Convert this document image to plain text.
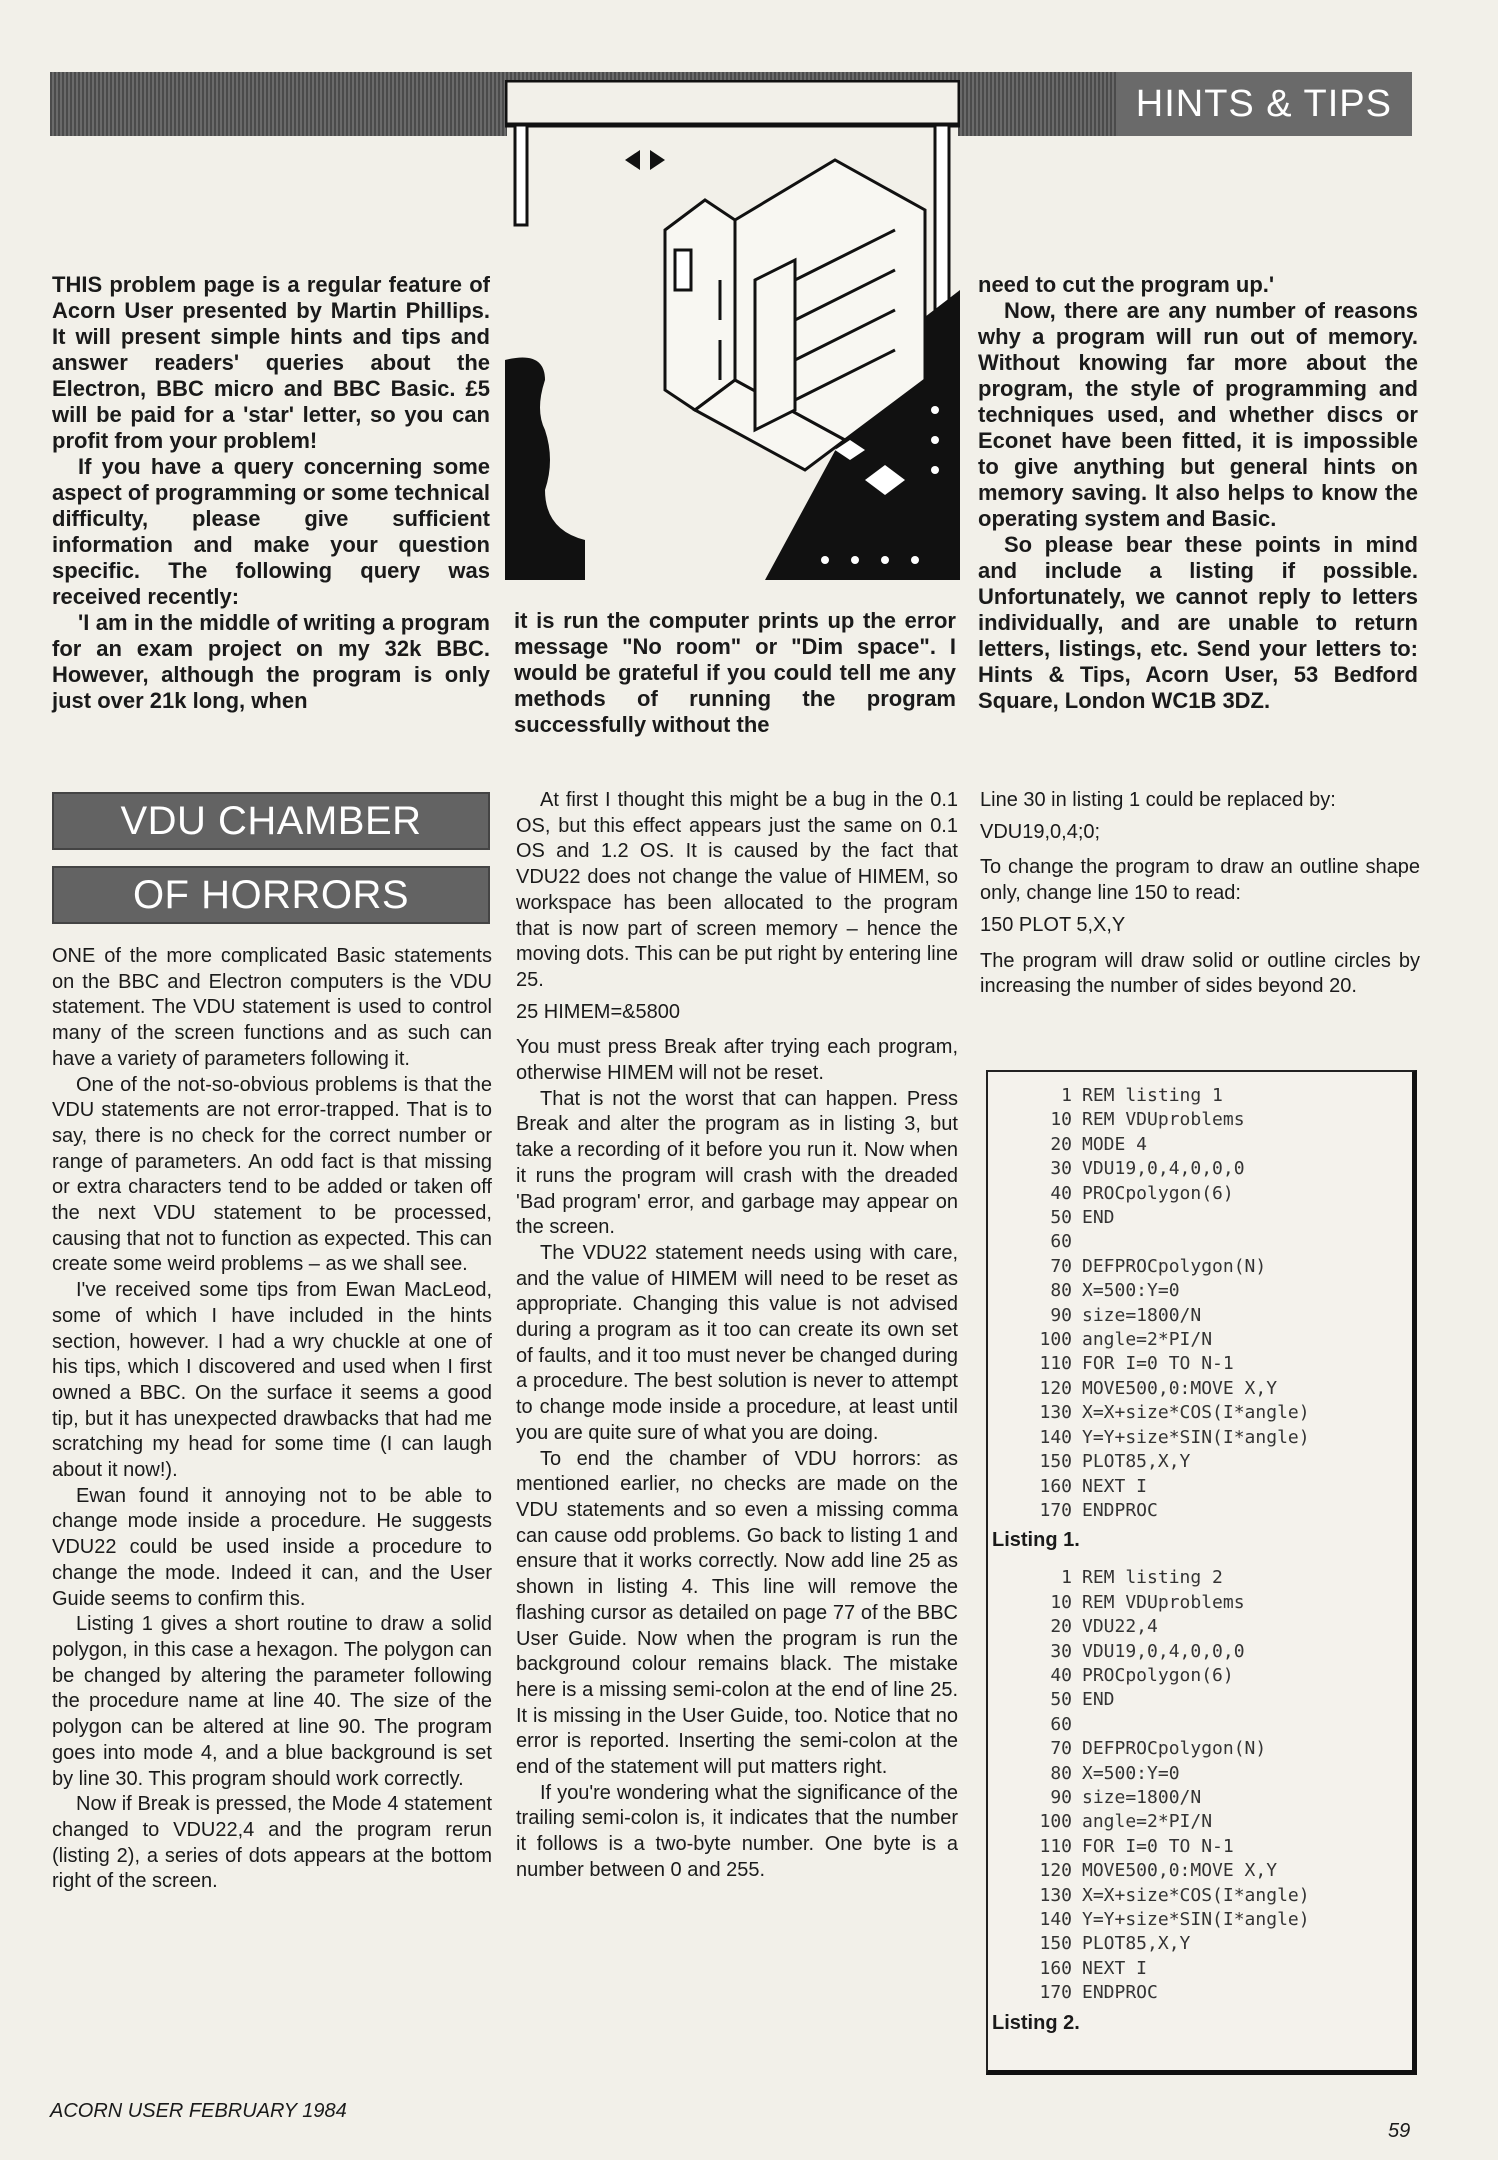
HINTS & TIPS

THIS problem page is a regular feature of Acorn User presented by Martin Phillips. It will present simple hints and tips and answer readers' queries about the Electron, BBC micro and BBC Basic. £5 will be paid for a 'star' letter, so you can profit from your problem!

If you have a query concerning some aspect of programming or some technical difficulty, please give sufficient information and make your question specific. The following query was received recently:

'I am in the middle of writing a program for an exam project on my 32k BBC. However, although the program is only just over 21k long, when

it is run the computer prints up the error message "No room" or "Dim space". I would be grateful if you could tell me any methods of running the program successfully without the

need to cut the program up.'

Now, there are any number of reasons why a program will run out of memory. Without knowing far more about the program, the style of programming and techniques used, and whether discs or Econet have been fitted, it is impossible to give anything but general hints on memory saving. It also helps to know the operating system and Basic.

So please bear these points in mind and include a listing if possible. Unfortunately, we cannot reply to letters individually, and are unable to return letters, listings, etc. Send your letters to: Hints & Tips, Acorn User, 53 Bedford Square, London WC1B 3DZ.

VDU CHAMBER
OF HORRORS

ONE of the more complicated Basic statements on the BBC and Electron computers is the VDU statement. The VDU statement is used to control many of the screen functions and as such can have a variety of parameters following it.

One of the not-so-obvious problems is that the VDU statements are not error-trapped. That is to say, there is no check for the correct number or range of parameters. An odd fact is that missing or extra characters tend to be added or taken off the next VDU statement to be processed, causing that not to function as expected. This can create some weird problems – as we shall see.

I've received some tips from Ewan MacLeod, some of which I have included in the hints section, however. I had a wry chuckle at one of his tips, which I discovered and used when I first owned a BBC. On the surface it seems a good tip, but it has unexpected drawbacks that had me scratching my head for some time (I can laugh about it now!).

Ewan found it annoying not to be able to change mode inside a procedure. He suggests VDU22 could be used inside a procedure to change the mode. Indeed it can, and the User Guide seems to confirm this.

Listing 1 gives a short routine to draw a solid polygon, in this case a hexagon. The polygon can be changed by altering the parameter following the procedure name at line 40. The size of the polygon can be altered at line 90. The program goes into mode 4, and a blue background is set by line 30. This program should work correctly.

Now if Break is pressed, the Mode 4 statement changed to VDU22,4 and the program rerun (listing 2), a series of dots appears at the bottom right of the screen.

At first I thought this might be a bug in the 0.1 OS, but this effect appears just the same on 0.1 OS and 1.2 OS. It is caused by the fact that VDU22 does not change the value of HIMEM, so workspace has been allocated to the program that is now part of screen memory – hence the moving dots. This can be put right by entering line 25.

25 HIMEM=&5800

You must press Break after trying each program, otherwise HIMEM will not be reset.

That is not the worst that can happen. Press Break and alter the program as in listing 3, but take a recording of it before you run it. Now when it runs the program will crash with the dreaded 'Bad program' error, and garbage may appear on the screen.

The VDU22 statement needs using with care, and the value of HIMEM will need to be reset as appropriate. Changing this value is not advised during a program as it too can create its own set of faults, and it too must never be changed during a procedure. The best solution is never to attempt to change mode inside a procedure, at least until you are quite sure of what you are doing.

To end the chamber of VDU horrors: as mentioned earlier, no checks are made on the VDU statements and so even a missing comma can cause odd problems. Go back to listing 1 and ensure that it works correctly. Now add line 25 as shown in listing 4. This line will remove the flashing cursor as detailed on page 77 of the BBC User Guide. Now when the program is run the background colour remains black. The mistake here is a missing semi-colon at the end of line 25. It is missing in the User Guide, too. Notice that no error is reported. Inserting the semi-colon at the end of the statement will put matters right.

If you're wondering what the significance of the trailing semi-colon is, it indicates that the number it follows is a two-byte number. One byte is a number between 0 and 255.

Line 30 in listing 1 could be replaced by:

VDU19,0,4;0;

To change the program to draw an outline shape only, change line 150 to read:

150 PLOT 5,X,Y

The program will draw solid or outline circles by increasing the number of sides beyond 20.

1 REM listing 1
10 REM VDUproblems
20 MODE 4
30 VDU19,0,4,0,0,0
40 PROCpolygon(6)
50 END
60
70 DEFPROCpolygon(N)
80 X=500:Y=0
90 size=1800/N
100 angle=2*PI/N
110 FOR I=0 TO N-1
120 MOVE500,0:MOVE X,Y
130 X=X+size*COS(I*angle)
140 Y=Y+size*SIN(I*angle)
150 PLOT85,X,Y
160 NEXT I
170 ENDPROC
Listing 1.
1 REM listing 2
10 REM VDUproblems
20 VDU22,4
30 VDU19,0,4,0,0,0
40 PROCpolygon(6)
50 END
60
70 DEFPROCpolygon(N)
80 X=500:Y=0
90 size=1800/N
100 angle=2*PI/N
110 FOR I=0 TO N-1
120 MOVE500,0:MOVE X,Y
130 X=X+size*COS(I*angle)
140 Y=Y+size*SIN(I*angle)
150 PLOT85,X,Y
160 NEXT I
170 ENDPROC
Listing 2.
ACORN USER FEBRUARY 1984
59
